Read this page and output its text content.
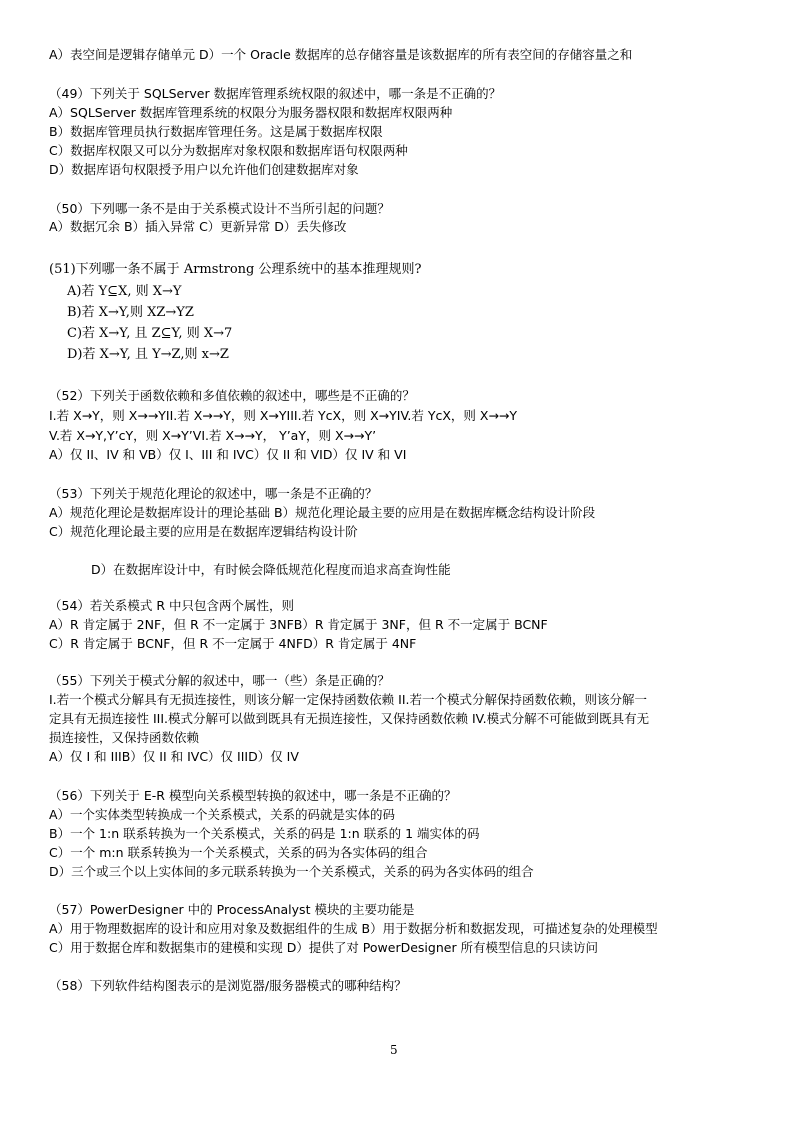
A）表空间是逻辑存储单元 D）一个 Oracle 数据库的总存储容量是该数据库的所有表空间的存储容量之和
（49）下列关于 SQLServer 数据库管理系统权限的叙述中，哪一条是不正确的？
A）SQLServer 数据库管理系统的权限分为服务器权限和数据库权限两种
B）数据库管理员执行数据库管理任务。这是属于数据库权限
C）数据库权限又可以分为数据库对象权限和数据库语句权限两种
D）数据库语句权限授予用户以允许他们创建数据库对象
（50）下列哪一条不是由于关系模式设计不当所引起的问题？
A）数据冗余 B）插入异常 C）更新异常 D）丢失修改
(51)下列哪一条不属于 Armstrong 公理系统中的基本推理规则?
A)若 Y⊆X, 则 X→Y
B)若 X→Y,则 XZ→YZ
C)若 X→Y, 且 Z⊆Y, 则 X→7
D)若 X→Y, 且 Y→Z,则 x→Z
（52）下列关于函数依赖和多值依赖的叙述中，哪些是不正确的？
I.若 X→Y，则 X→→YII.若 X→→Y，则 X→YIII.若 YcX，则 X→YIV.若 YcX，则 X→→Y
V.若 X→Y,Y’cY，则 X→Y’VI.若 X→→Y， Y’aY，则 X→→Y’
A）仅 II、IV 和 VB）仅 I、III 和 IVC）仅 II 和 VID）仅 IV 和 VI
（53）下列关于规范化理论的叙述中，哪一条是不正确的？
A）规范化理论是数据库设计的理论基础 B）规范化理论最主要的应用是在数据库概念结构设计阶段
C）规范化理论最主要的应用是在数据库逻辑结构设计阶
D）在数据库设计中，有时候会降低规范化程度而追求高查询性能
（54）若关系模式 R 中只包含两个属性，则
A）R 肯定属于 2NF，但 R 不一定属于 3NFB）R 肯定属于 3NF，但 R 不一定属于 BCNF
C）R 肯定属于 BCNF，但 R 不一定属于 4NFD）R 肯定属于 4NF
（55）下列关于模式分解的叙述中，哪一（些）条是正确的？
I.若一个模式分解具有无损连接性，则该分解一定保持函数依赖 II.若一个模式分解保持函数依赖，则该分解一
定具有无损连接性 III.模式分解可以做到既具有无损连接性，又保持函数依赖 IV.模式分解不可能做到既具有无
损连接性，又保持函数依赖
A）仅 I 和 IIIB）仅 II 和 IVC）仅 IIID）仅 IV
（56）下列关于 E-R 模型向关系模型转换的叙述中，哪一条是不正确的？
A）一个实体类型转换成一个关系模式，关系的码就是实体的码
B）一个 1:n 联系转换为一个关系模式，关系的码是 1:n 联系的 1 端实体的码
C）一个 m:n 联系转换为一个关系模式，关系的码为各实体码的组合
D）三个或三个以上实体间的多元联系转换为一个关系模式，关系的码为各实体码的组合
（57）PowerDesigner 中的 ProcessAnalyst 模块的主要功能是
A）用于物理数据库的设计和应用对象及数据组件的生成 B）用于数据分析和数据发现，可描述复杂的处理模型
C）用于数据仓库和数据集市的建模和实现 D）提供了对 PowerDesigner 所有模型信息的只读访问
（58）下列软件结构图表示的是浏览器/服务器模式的哪种结构？
5
